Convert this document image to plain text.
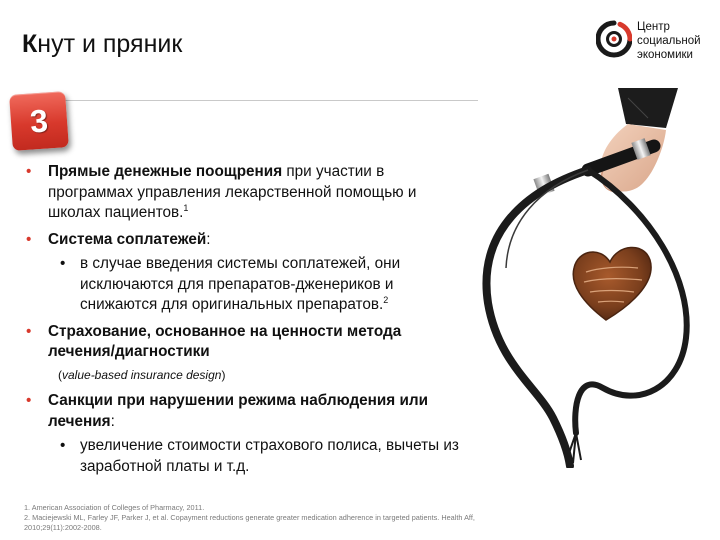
Кнут и пряник
Центр
социальной
экономики
3
• Прямые денежные поощрения при участии в программах управления лекарственной помощью и школах пациентов.$^1$
• Система соплатежей:
• в случае введения системы соплатежей, они исключаются для препаратов-дженериков и снижаются для оригинальных препаратов.$^2$
• Страхование, основанное на ценности метода лечения/диагностики
(value-based insurance design)
• Санкции при нарушении режима наблюдения или лечения:
• увеличение стоимости страхового полиса, вычеты из заработной платы и т.д.
1. American Association of Colleges of Pharmacy, 2011.
2. Maciejewski ML, Farley JF, Parker J, et al. Copayment reductions generate greater medication adherence in targeted patients. Health Aff,
2010;29(11):2002-2008.
